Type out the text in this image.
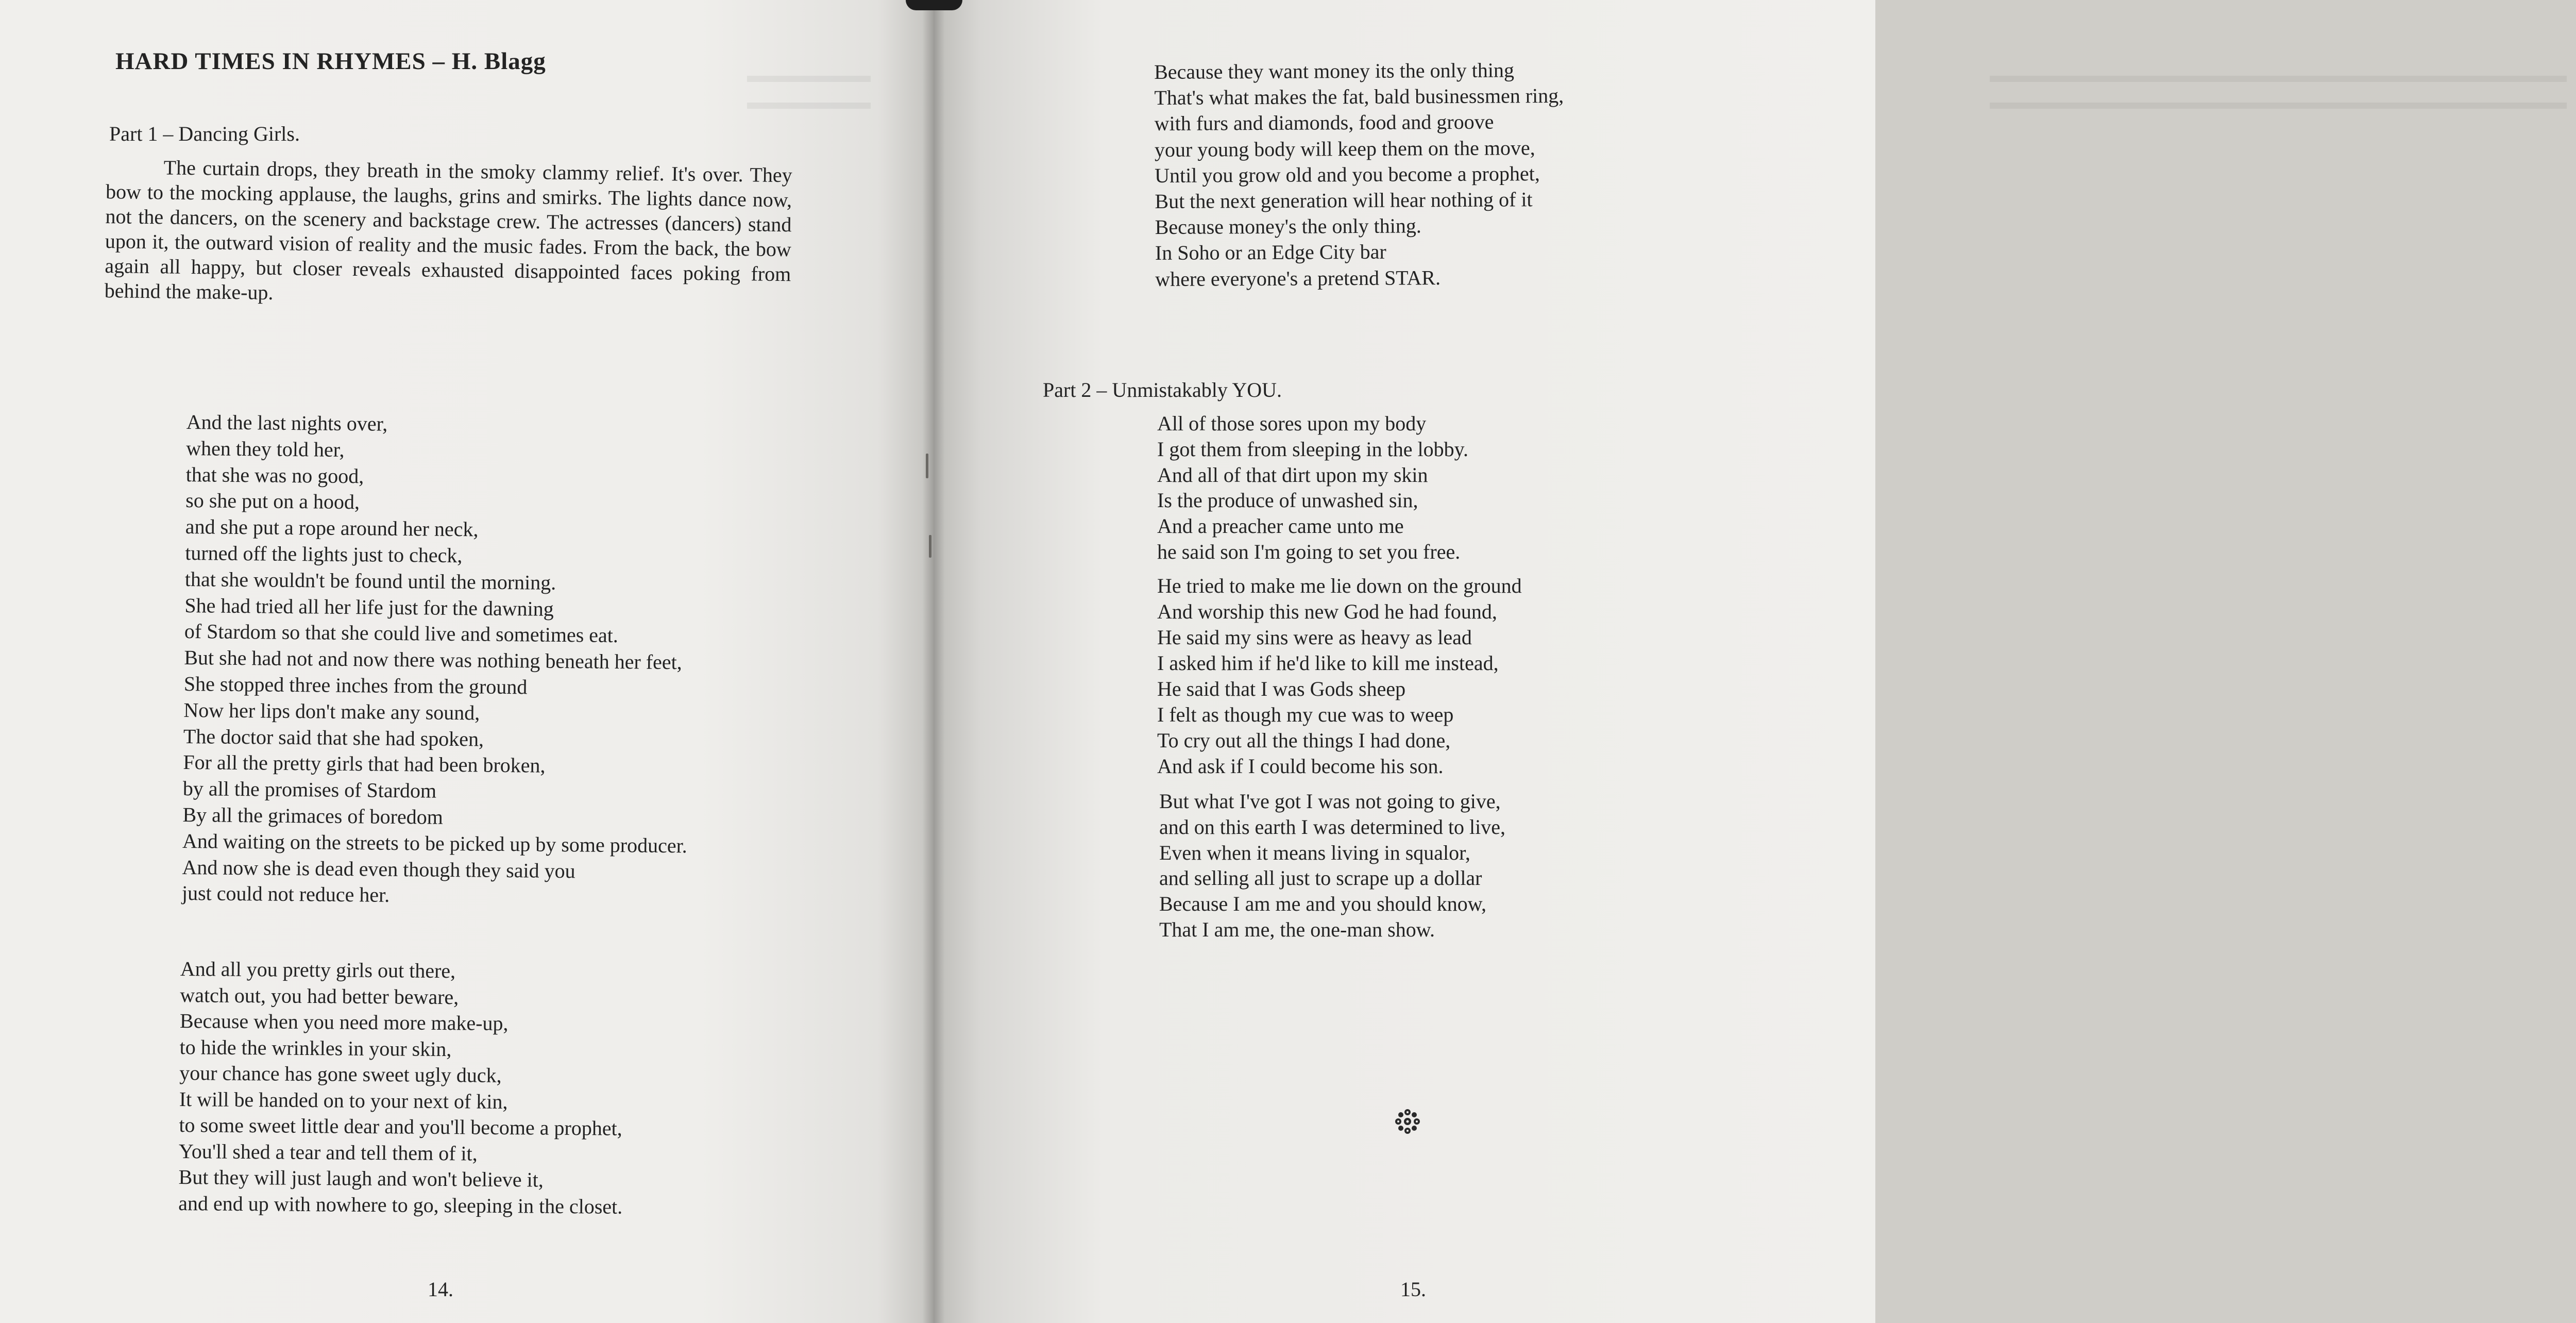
▬▬▬▬▬▬
▬▬▬▬▬▬
HARD TIMES IN RHYMES – H. Blagg
Part 1 – Dancing Girls.

The curtain drops, they breath in the smoky clammy relief. It's over. They bow to the mocking applause, the laughs, grins and smirks. The lights dance now, not the dancers, on the scenery and backstage crew. The actresses (dancers) stand upon it, the outward vision of reality and the music fades. From the back, the bow again all happy, but closer reveals exhausted disappointed faces poking from behind the make-up.

And the last nights over,
when they told her,
that she was no good,
so she put on a hood,
and she put a rope around her neck,
turned off the lights just to check,
that she wouldn't be found until the morning.
She had tried all her life just for the dawning
of Stardom so that she could live and sometimes eat.
But she had not and now there was nothing beneath her feet,
She stopped three inches from the ground
Now her lips don't make any sound,
The doctor said that she had spoken,
For all the pretty girls that had been broken,
by all the promises of Stardom
By all the grimaces of boredom
And waiting on the streets to be picked up by some producer.
And now she is dead even though they said you
just could not reduce her.
And all you pretty girls out there,
watch out, you had better beware,
Because when you need more make-up,
to hide the wrinkles in your skin,
your chance has gone sweet ugly duck,
It will be handed on to your next of kin,
to some sweet little dear and you'll become a prophet,
You'll shed a tear and tell them of it,
But they will just laugh and won't believe it,
and end up with nowhere to go, sleeping in the closet.
14.
▬▬▬▬▬▬▬▬▬▬▬▬▬▬▬▬▬▬▬▬▬▬▬▬▬▬▬▬
▬▬▬▬▬▬▬▬▬▬▬▬▬▬▬▬▬▬▬▬▬▬▬▬▬▬▬▬
Because they want money its the only thing
That's what makes the fat, bald businessmen ring,
with furs and diamonds, food and groove
your young body will keep them on the move,
Until you grow old and you become a prophet,
But the next generation will hear nothing of it
Because money's the only thing.
In Soho or an Edge City bar
where everyone's a pretend STAR.
Part 2 – Unmistakably YOU.
All of those sores upon my body
I got them from sleeping in the lobby.
And all of that dirt upon my skin
Is the produce of unwashed sin,
And a preacher came unto me
he said son I'm going to set you free.
He tried to make me lie down on the ground
And worship this new God he had found,
He said my sins were as heavy as lead
I asked him if he'd like to kill me instead,
He said that I was Gods sheep
I felt as though my cue was to weep
To cry out all the things I had done,
And ask if I could become his son.
But what I've got I was not going to give,
and on this earth I was determined to live,
Even when it means living in squalor,
and selling all just to scrape up a dollar
Because I am me and you should know,
That I am me, the one-man show.
15.
